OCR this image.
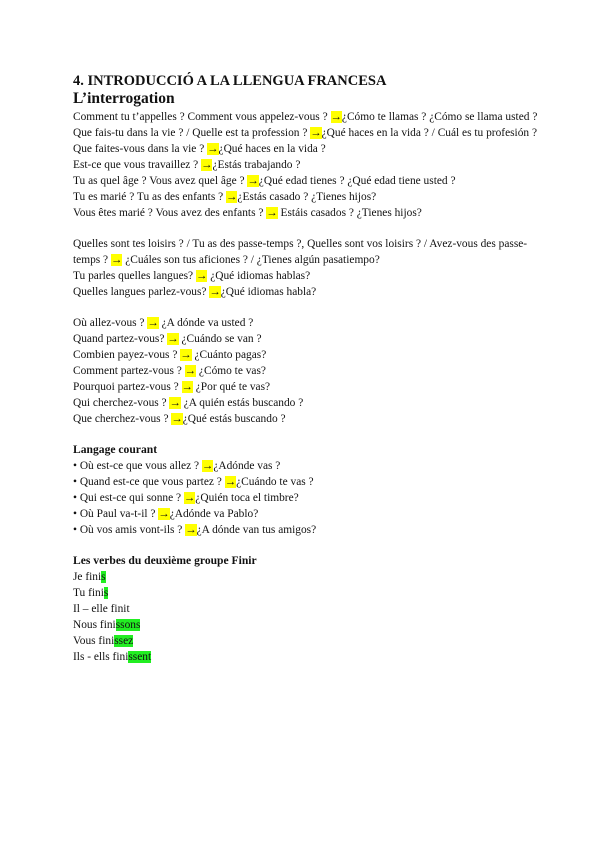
4. INTRODUCCIÓ A LA LLENGUA FRANCESA

L’interrogation

Comment tu t’appelles ? Comment vous appelez-vous ? →¿Cómo te llamas ? ¿Cómo se llama usted ?

Que fais-tu dans la vie ? / Quelle est ta profession ? →¿Qué haces en la vida ? / Cuál es tu profesión ?

Que faites-vous dans la vie ? →¿Qué haces en la vida ?

Est-ce que vous travaillez ? →¿Estás trabajando ?

Tu as quel âge ? Vous avez quel âge ? →¿Qué edad tienes ? ¿Qué edad tiene usted ?

Tu es marié ? Tu as des enfants ? →¿Estás casado ? ¿Tienes hijos?

Vous êtes marié ? Vous avez des enfants ? → Estáis casados ? ¿Tienes hijos?

Quelles sont tes loisirs ? / Tu as des passe-temps ?, Quelles sont vos loisirs ? / Avez-vous des passe-temps ? → ¿Cuáles son tus aficiones ? / ¿Tienes algún pasatiempo?

Tu parles quelles langues? → ¿Qué idiomas hablas?

Quelles langues parlez-vous? →¿Qué idiomas habla?

Où allez-vous ? → ¿A dónde va usted ?

Quand partez-vous? → ¿Cuándo se van ?

Combien payez-vous ? → ¿Cuánto pagas?

Comment partez-vous ? → ¿Cómo te vas?

Pourquoi partez-vous ? → ¿Por qué te vas?

Qui cherchez-vous ? → ¿A quién estás buscando ?

Que cherchez-vous ? →¿Qué estás buscando ?

Langage courant

• Où est-ce que vous allez ? →¿Adónde vas ?

• Quand est-ce que vous partez ? →¿Cuándo te vas ?

• Qui est-ce qui sonne ? →¿Quién toca el timbre?

• Où Paul va-t-il ? →¿Adónde va Pablo?

• Où vos amis vont-ils ? →¿A dónde van tus amigos?

Les verbes du deuxième groupe Finir

Je finis

Tu finis

Il – elle finit

Nous finissons

Vous finissez

Ils - ells finissent
